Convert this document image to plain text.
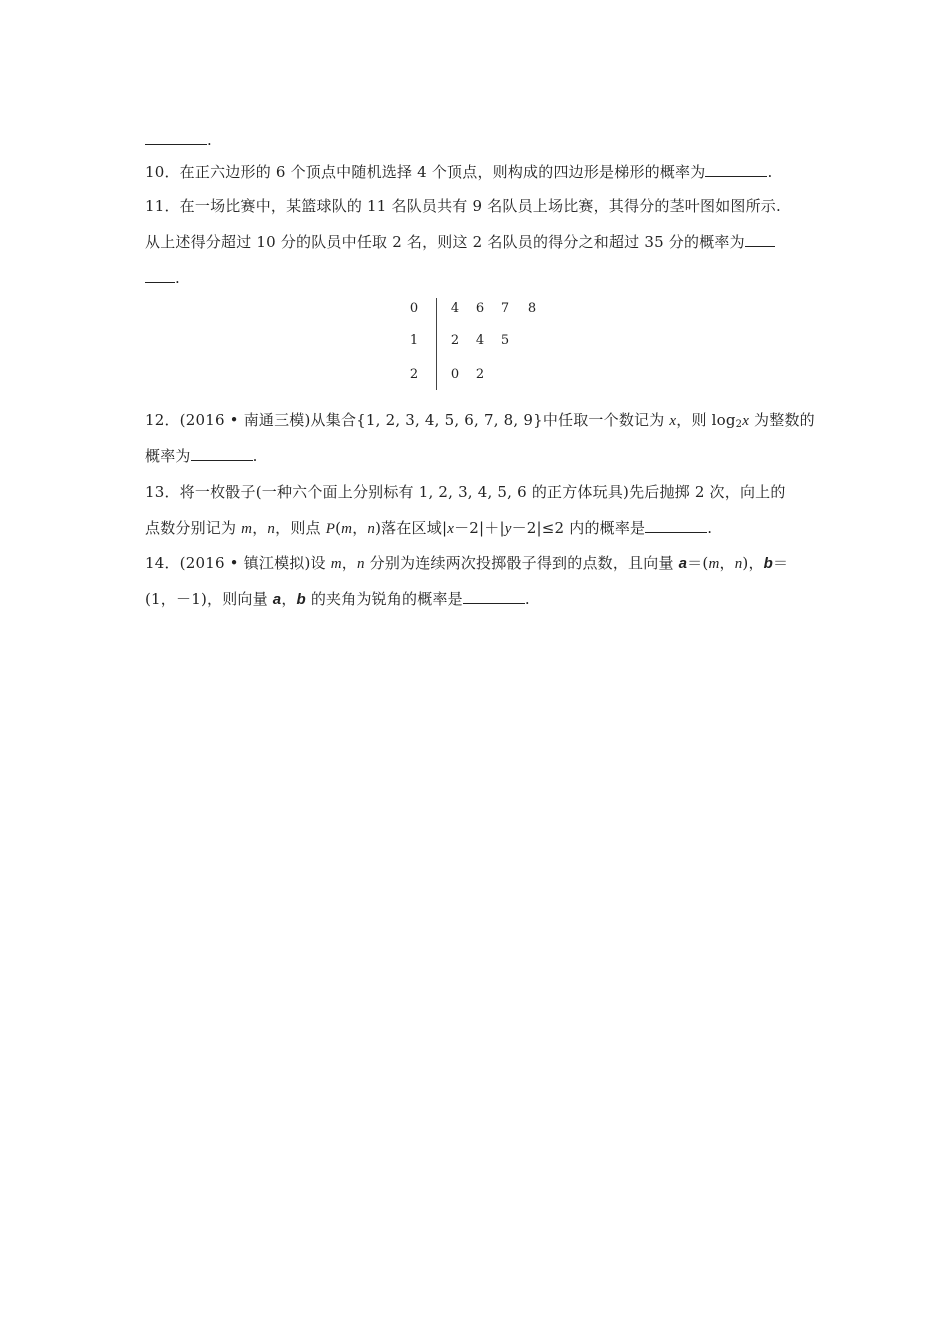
.
10．在正六边形的 6 个顶点中随机选择 4 个顶点，则构成的四边形是梯形的概率为	.
11．在一场比赛中，某篮球队的 11 名队员共有 9 名队员上场比赛，其得分的茎叶图如图所示.
从上述得分超过 10 分的队员中任取 2 名，则这 2 名队员的得分之和超过 35 分的概率为
.
0	4 6 7 8
1	2 4 5
2	0 2
12．(2016 • 南通三模)从集合{1, 2, 3, 4, 5, 6, 7, 8, 9}中任取一个数记为 x，则 $\log_2x$ 为整数的
概率为	.
13．将一枚骰子(一种六个面上分别标有 1, 2, 3, 4, 5, 6 的正方体玩具)先后抛掷 2 次，向上的
点数分别记为 m，n，则点 P(m，n)落在区域|x－2|＋|y－2|≤2 内的概率是	.
14．(2016 • 镇江模拟)设 m，n 分别为连续两次投掷骰子得到的点数，且向量 a＝(m，n)，b＝
(1，－1)，则向量 a，b 的夹角为锐角的概率是	.
